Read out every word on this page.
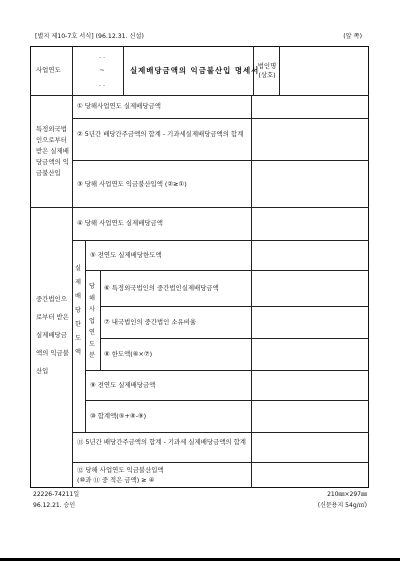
[별지 제10-7호 서식] (96.12.31. 신설)	(앞 쪽)
사업연도
. .
~
. .
실제배당금액의 익금불산입 명세서
법인명
(상호)
특정외국법인으로부터 받은 실제배당금액의 익금불산입
① 당해사업연도 실제배당금액
② 5년간 배당간주금액의 합계 - 기과세실제배당금액의 합계
③ 당해 사업연도 익금불산입액 (②≥①)
중간법인으로부터 받은 실제배당금액의 익금불산입
④ 당해 사업연도 실제배당금액
실제배당한도액
⑤ 전연도 실제배당한도액
당해사업연도분
⑥ 특정외국법인의 중간법인실제배당금액
⑦ 내국법인의 중간법인 소유비율
⑧ 한도액(⑥×⑦)
⑨ 전연도 실제배당금액
⑩ 합계액(⑤+⑧-⑨)
⑪ 5년간 배당간주금액의 합계 - 기과세 실제배당금액의 합계
⑫ 당해 사업연도 익금불산입액
(⑩과 ⑪ 중 적은 금액) ≥ ④
22226-74211일
96.12.21. 승인
210㎜×297㎜
(신문용지 54g/㎡)
